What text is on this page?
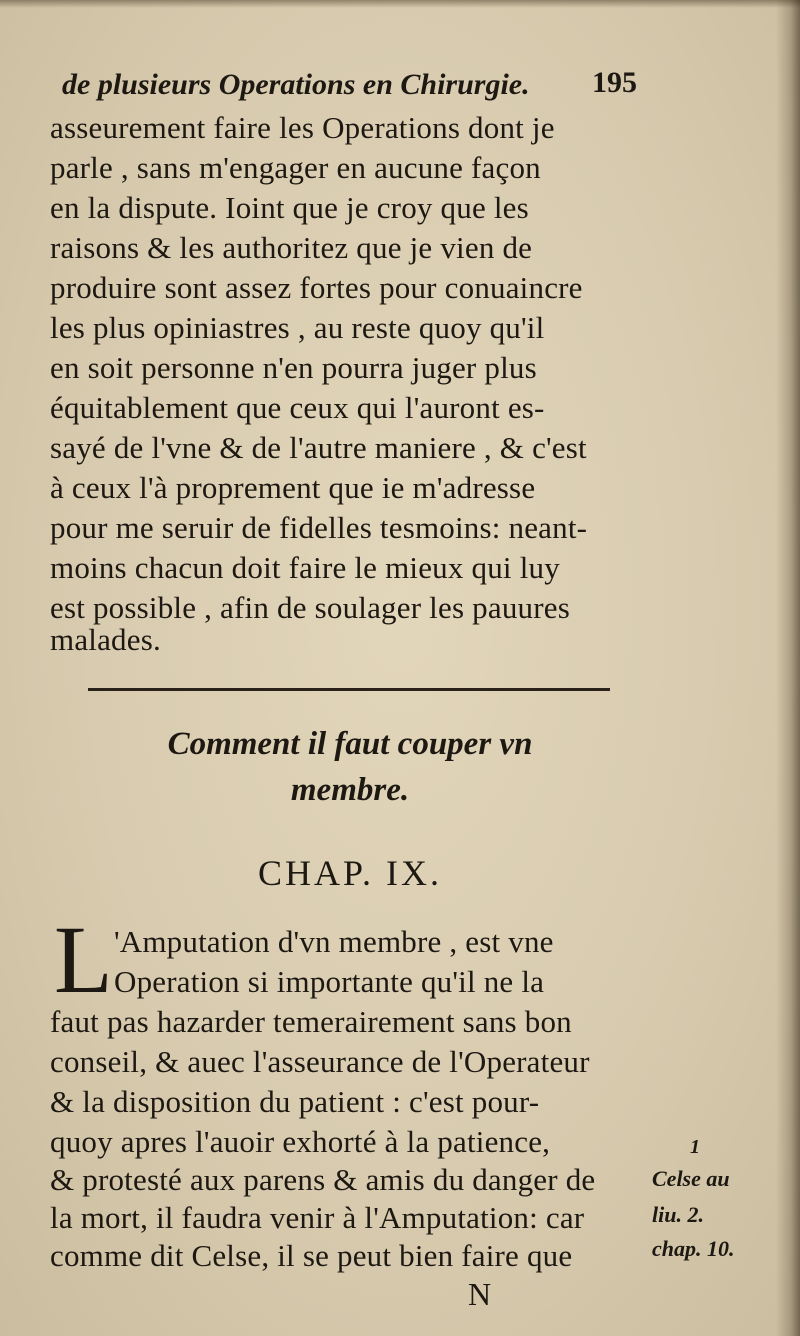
de plusieurs Operations en Chirurgie. 195
asseurement faire les Operations dont je
parle , sans m'engager en aucune façon
en la dispute. Ioint que je croy que les
raisons & les authoritez que je vien de
produire sont assez fortes pour conuaincre
les plus opiniastres , au reste quoy qu'il
en soit personne n'en pourra juger plus
équitablement que ceux qui l'auront es-
sayé de l'vne & de l'autre maniere , & c'est
à ceux l'à proprement que ie m'adresse
pour me seruir de fidelles tesmoins: neant-
moins chacun doit faire le mieux qui luy
est possible , afin de soulager les pauures
malades.
Comment il faut couper vn
membre.
CHAP. IX.
L 'Amputation d'vn membre , est vne
Operation si importante qu'il ne la
faut pas hazarder temerairement sans bon
conseil, & auec l'asseurance de l'Operateur
& la disposition du patient : c'est pour-
quoy apres l'auoir exhorté à la patience,
& protesté aux parens & amis du danger de
la mort, il faudra venir à l'Amputation: car
comme dit Celse, il se peut bien faire que
1
Celse au
liu. 2.
chap. 10.
N
